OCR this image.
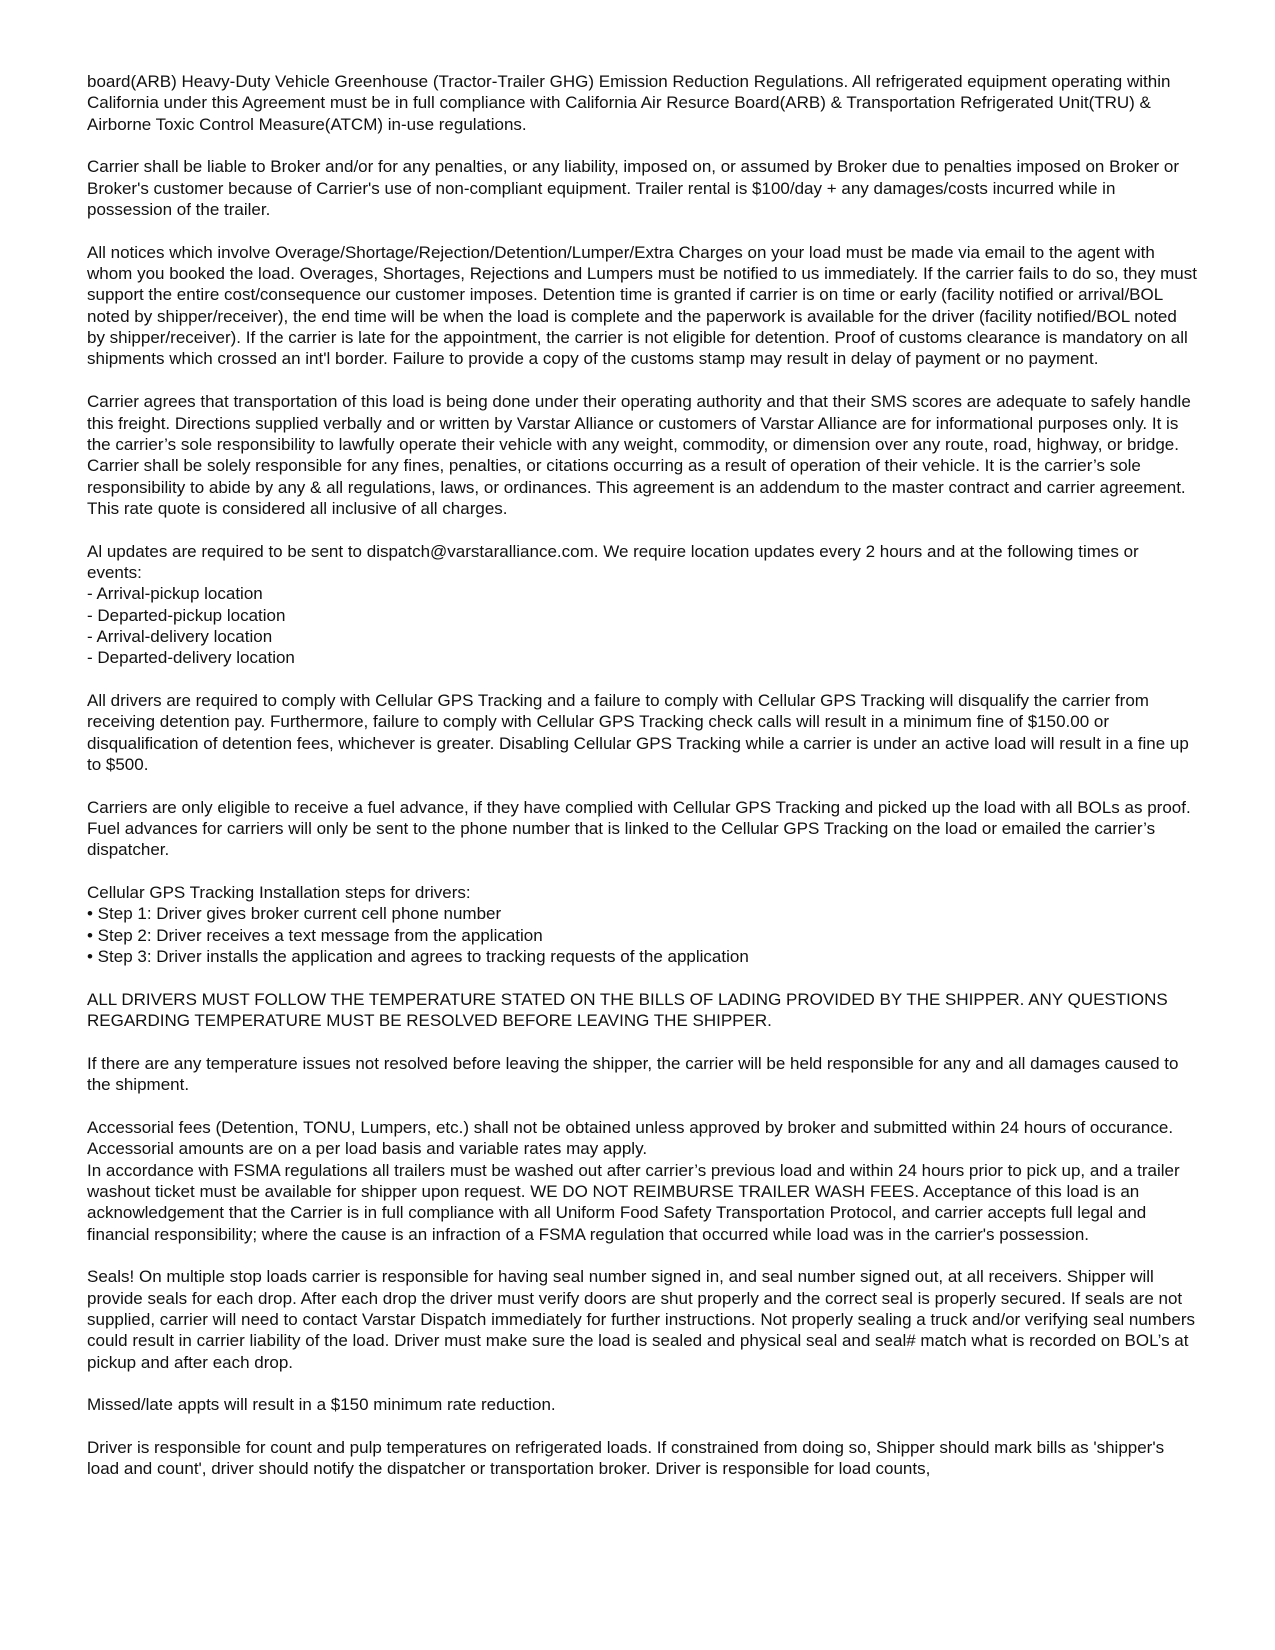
board(ARB) Heavy-Duty Vehicle Greenhouse (Tractor-Trailer GHG) Emission Reduction Regulations. All refrigerated equipment operating within California under this Agreement must be in full compliance with California Air Resurce Board(ARB) & Transportation Refrigerated Unit(TRU) & Airborne Toxic Control Measure(ATCM) in-use regulations.

Carrier shall be liable to Broker and/or for any penalties, or any liability, imposed on, or assumed by Broker due to penalties imposed on Broker or Broker's customer because of Carrier's use of non-compliant equipment. Trailer rental is $100/day + any damages/costs incurred while in possession of the trailer.

All notices which involve Overage/Shortage/Rejection/Detention/Lumper/Extra Charges on your load must be made via email to the agent with whom you booked the load. Overages, Shortages, Rejections and Lumpers must be notified to us immediately. If the carrier fails to do so, they must support the entire cost/consequence our customer imposes. Detention time is granted if carrier is on time or early (facility notified or arrival/BOL noted by shipper/receiver), the end time will be when the load is complete and the paperwork is available for the driver (facility notified/BOL noted by shipper/receiver). If the carrier is late for the appointment, the carrier is not eligible for detention. Proof of customs clearance is mandatory on all shipments which crossed an int'l border. Failure to provide a copy of the customs stamp may result in delay of payment or no payment.

Carrier agrees that transportation of this load is being done under their operating authority and that their SMS scores are adequate to safely handle this freight. Directions supplied verbally and or written by Varstar Alliance or customers of Varstar Alliance are for informational purposes only. It is the carrier’s sole responsibility to lawfully operate their vehicle with any weight, commodity, or dimension over any route, road, highway, or bridge. Carrier shall be solely responsible for any fines, penalties, or citations occurring as a result of operation of their vehicle. It is the carrier’s sole responsibility to abide by any & all regulations, laws, or ordinances. This agreement is an addendum to the master contract and carrier agreement. This rate quote is considered all inclusive of all charges.

Al updates are required to be sent to dispatch@varstaralliance.com. We require location updates every 2 hours and at the following times or events:
- Arrival-pickup location
- Departed-pickup location
- Arrival-delivery location
- Departed-delivery location

All drivers are required to comply with Cellular GPS Tracking and a failure to comply with Cellular GPS Tracking will disqualify the carrier from receiving detention pay. Furthermore, failure to comply with Cellular GPS Tracking check calls will result in a minimum fine of $150.00 or disqualification of detention fees, whichever is greater. Disabling Cellular GPS Tracking while a carrier is under an active load will result in a fine up to $500.

Carriers are only eligible to receive a fuel advance, if they have complied with Cellular GPS Tracking and picked up the load with all BOLs as proof. Fuel advances for carriers will only be sent to the phone number that is linked to the Cellular GPS Tracking on the load or emailed the carrier’s dispatcher.

Cellular GPS Tracking Installation steps for drivers:
• Step 1: Driver gives broker current cell phone number
• Step 2: Driver receives a text message from the application
• Step 3: Driver installs the application and agrees to tracking requests of the application

ALL DRIVERS MUST FOLLOW THE TEMPERATURE STATED ON THE BILLS OF LADING PROVIDED BY THE SHIPPER. ANY QUESTIONS REGARDING TEMPERATURE MUST BE RESOLVED BEFORE LEAVING THE SHIPPER.

If there are any temperature issues not resolved before leaving the shipper, the carrier will be held responsible for any and all damages caused to the shipment.

Accessorial fees (Detention, TONU, Lumpers, etc.) shall not be obtained unless approved by broker and submitted within 24 hours of occurance. Accessorial amounts are on a per load basis and variable rates may apply.
In accordance with FSMA regulations all trailers must be washed out after carrier’s previous load and within 24 hours prior to pick up, and a trailer washout ticket must be available for shipper upon request. WE DO NOT REIMBURSE TRAILER WASH FEES. Acceptance of this load is an acknowledgement that the Carrier is in full compliance with all Uniform Food Safety Transportation Protocol, and carrier accepts full legal and financial responsibility; where the cause is an infraction of a FSMA regulation that occurred while load was in the carrier's possession.

Seals! On multiple stop loads carrier is responsible for having seal number signed in, and seal number signed out, at all receivers. Shipper will provide seals for each drop. After each drop the driver must verify doors are shut properly and the correct seal is properly secured. If seals are not supplied, carrier will need to contact Varstar Dispatch immediately for further instructions. Not properly sealing a truck and/or verifying seal numbers could result in carrier liability of the load. Driver must make sure the load is sealed and physical seal and seal# match what is recorded on BOL’s at pickup and after each drop.

Missed/late appts will result in a $150 minimum rate reduction.

Driver is responsible for count and pulp temperatures on refrigerated loads. If constrained from doing so, Shipper should mark bills as 'shipper's load and count', driver should notify the dispatcher or transportation broker. Driver is responsible for load counts,
